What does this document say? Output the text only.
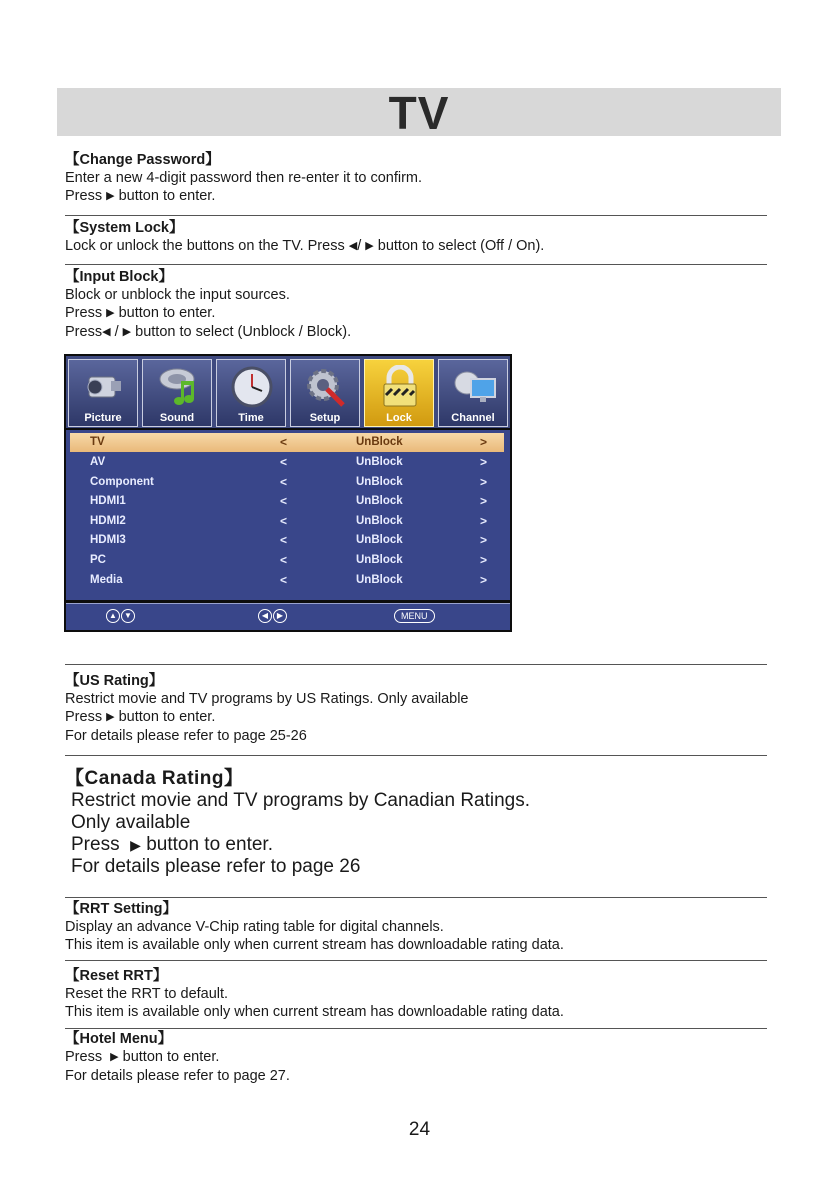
TV
【Change Password】
Enter a new 4-digit password then re-enter it to confirm.
Press ▶ button to enter.
【System Lock】
Lock or unlock the buttons on the TV. Press ◀/ ▶ button to select (Off / On).
【Input Block】
Block or unblock the input sources.
Press ▶ button to enter.
Press◀ / ▶ button to select (Unblock / Block).
Picture	Sound	Time	Setup	Lock	Channel
TV	<	UnBlock	>
AV	<	UnBlock	>
Component	<	UnBlock	>
HDMI1	<	UnBlock	>
HDMI2	<	UnBlock	>
HDMI3	<	UnBlock	>
PC	<	UnBlock	>
Media	<	UnBlock	>
▲ ▼	◀ ▶	MENU
【US Rating】
Restrict movie and TV programs by US Ratings. Only available
Press ▶ button to enter.
For details please refer to page 25-26
【Canada Rating】
Restrict movie and TV programs by Canadian Ratings.
Only available
Press ▶ button to enter.
For details please refer to page 26
【RRT Setting】
Display an advance V-Chip rating table for digital channels.
This item is available only when current stream has downloadable rating data.
【Reset RRT】
Reset the RRT to default.
This item is available only when current stream has downloadable rating data.
【Hotel Menu】
Press ▶ button to enter.
For details please refer to page 27.
24
